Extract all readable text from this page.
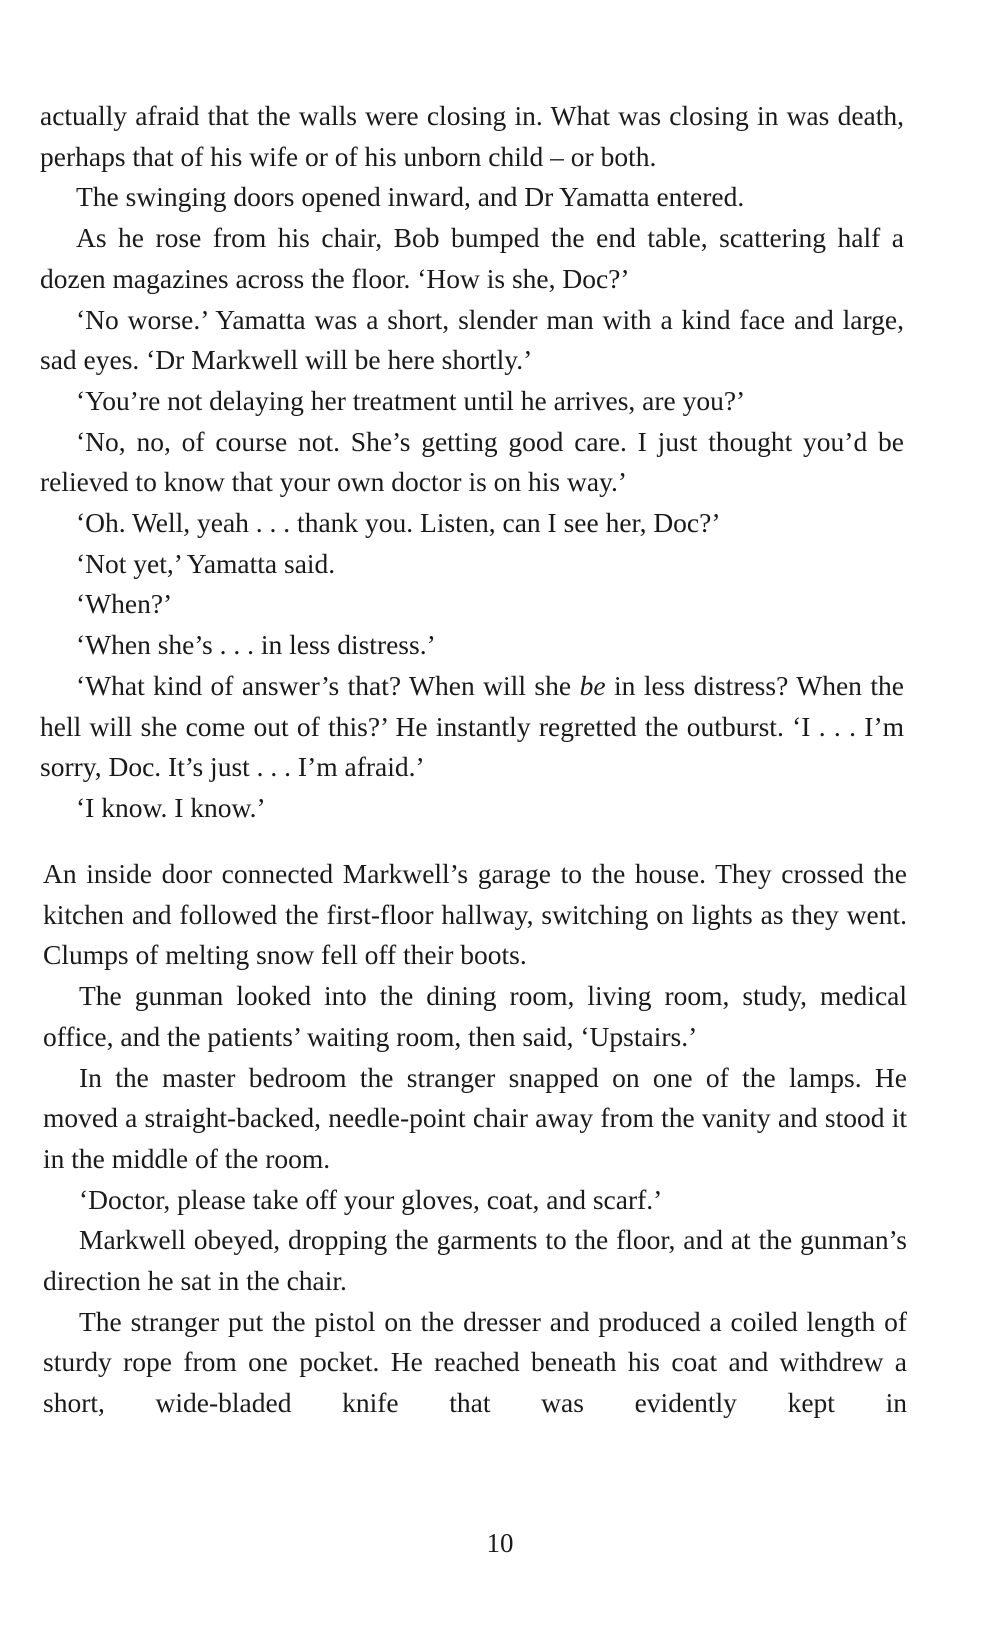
actually afraid that the walls were closing in. What was closing in was death, perhaps that of his wife or of his unborn child – or both.

The swinging doors opened inward, and Dr Yamatta entered.

As he rose from his chair, Bob bumped the end table, scattering half a dozen magazines across the floor. ‘How is she, Doc?’

‘No worse.’ Yamatta was a short, slender man with a kind face and large, sad eyes. ‘Dr Markwell will be here shortly.’

‘You’re not delaying her treatment until he arrives, are you?’

‘No, no, of course not. She’s getting good care. I just thought you’d be relieved to know that your own doctor is on his way.’

‘Oh. Well, yeah . . . thank you. Listen, can I see her, Doc?’

‘Not yet,’ Yamatta said.

‘When?’

‘When she’s . . . in less distress.’

‘What kind of answer’s that? When will she be in less distress? When the hell will she come out of this?’ He instantly regretted the outburst. ‘I . . . I’m sorry, Doc. It’s just . . . I’m afraid.’

‘I know. I know.’

An inside door connected Markwell’s garage to the house. They crossed the kitchen and followed the first-floor hallway, switching on lights as they went. Clumps of melting snow fell off their boots.

The gunman looked into the dining room, living room, study, medical office, and the patients’ waiting room, then said, ‘Upstairs.’

In the master bedroom the stranger snapped on one of the lamps. He moved a straight-backed, needle-point chair away from the vanity and stood it in the middle of the room.

‘Doctor, please take off your gloves, coat, and scarf.’

Markwell obeyed, dropping the garments to the floor, and at the gunman’s direction he sat in the chair.

The stranger put the pistol on the dresser and produced a coiled length of sturdy rope from one pocket. He reached beneath his coat and withdrew a short, wide-bladed knife that was evidently kept in

10
